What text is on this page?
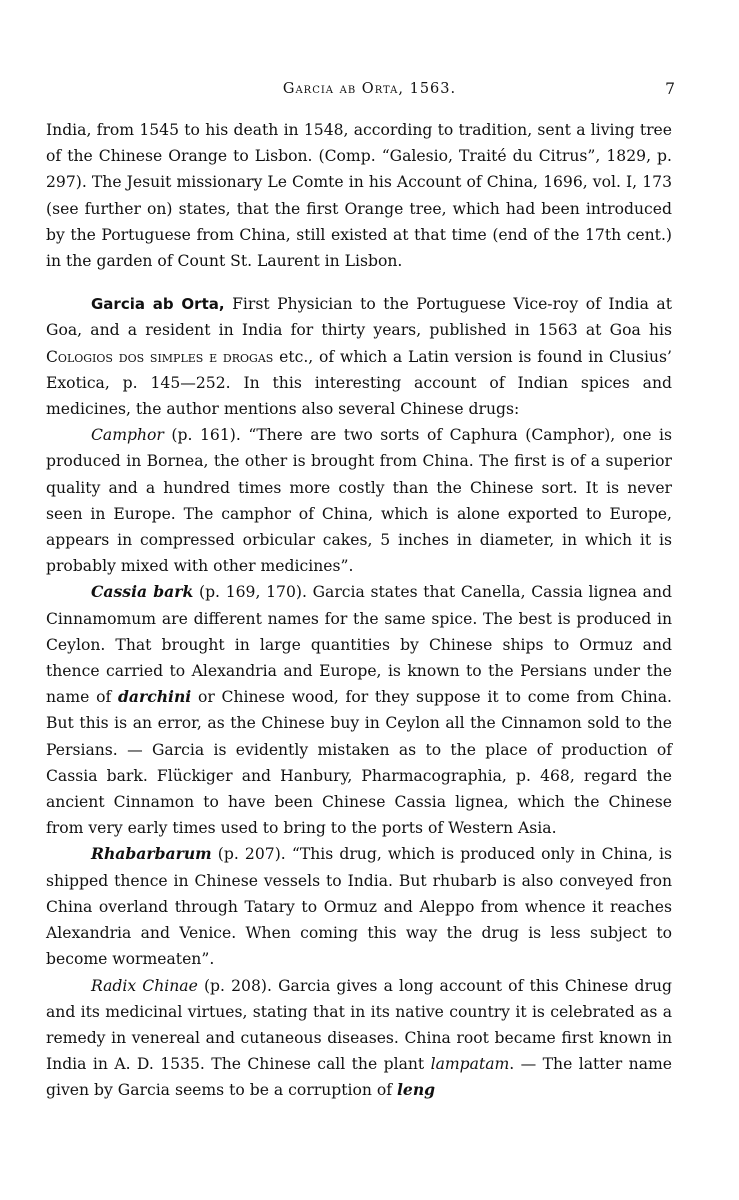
Garcia ab Orta, 1563.	7

India, from 1545 to his death in 1548, according to tradition, sent a living tree of the Chinese Orange to Lisbon. (Comp. “Galesio, Traité du Citrus”, 1829, p. 297). The Jesuit missionary Le Comte in his Account of China, 1696, vol. I, 173 (see further on) states, that the first Orange tree, which had been introduced by the Portuguese from China, still existed at that time (end of the 17th cent.) in the garden of Count St. Laurent in Lisbon.

Garcia ab Orta, First Physician to the Portuguese Vice-roy of India at Goa, and a resident in India for thirty years, published in 1563 at Goa his Cologios dos simples e drogas etc., of which a Latin version is found in Clusius’ Exotica, p. 145—252. In this interesting account of Indian spices and medicines, the author mentions also several Chinese drugs:

Camphor (p. 161). “There are two sorts of Caphura (Camphor), one is produced in Bornea, the other is brought from China. The first is of a superior quality and a hundred times more costly than the Chinese sort. It is never seen in Europe. The camphor of China, which is alone exported to Europe, appears in compressed orbicular cakes, 5 inches in diameter, in which it is probably mixed with other medicines”.

Cassia bark (p. 169, 170). Garcia states that Canella, Cassia lignea and Cinnamomum are different names for the same spice. The best is produced in Ceylon. That brought in large quantities by Chinese ships to Ormuz and thence carried to Alexandria and Europe, is known to the Persians under the name of darchini or Chinese wood, for they suppose it to come from China. But this is an error, as the Chinese buy in Ceylon all the Cinnamon sold to the Persians. — Garcia is evidently mistaken as to the place of production of Cassia bark. Flückiger and Hanbury, Pharmacographia, p. 468, regard the ancient Cinnamon to have been Chinese Cassia lignea, which the Chinese from very early times used to bring to the ports of Western Asia.

Rhabarbarum (p. 207). “This drug, which is produced only in China, is shipped thence in Chinese vessels to India. But rhubarb is also conveyed fron China overland through Tatary to Ormuz and Aleppo from whence it reaches Alexandria and Venice. When coming this way the drug is less subject to become wormeaten”.

Radix Chinae (p. 208). Garcia gives a long account of this Chinese drug and its medicinal virtues, stating that in its native country it is celebrated as a remedy in venereal and cutaneous diseases. China root became first known in India in A. D. 1535. The Chinese call the plant lampatam. — The latter name given by Garcia seems to be a corruption of leng
